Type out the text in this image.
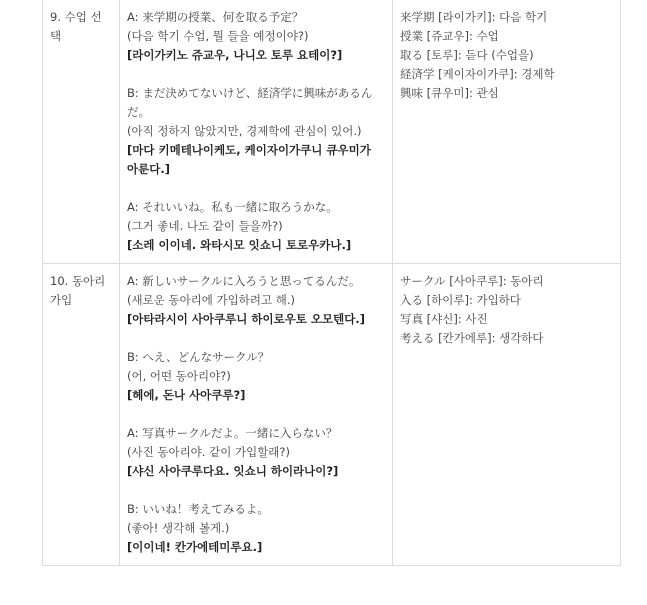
9. 수업 선택
A: 来学期の授業、何を取る予定？
(다음 학기 수업, 뭘 들을 예정이야?)
[라이가키노 쥬교우, 나니오 토루 요테이?]
B: まだ決めてないけど、経済学に興味があるんだ。
(아직 정하지 않았지만, 경제학에 관심이 있어.)
[마다 키메테나이케도, 케이자이가쿠니 큐우미가 아룬다.]
A: それいいね。私も一緒に取ろうかな。
(그거 좋네. 나도 같이 들을까?)
[소레 이이네. 와타시모 잇쇼니 토로우카나.]
来学期 [라이가키]: 다음 학기
授業 [쥬교우]: 수업
取る [토루]: 듣다 (수업을)
経済学 [케이자이가쿠]: 경제학
興味 [큐우미]: 관심
10. 동아리 가입
A: 新しいサークルに入ろうと思ってるんだ。
(새로운 동아리에 가입하려고 해.)
[아타라시이 사아쿠루니 하이로우토 오모텐다.]
B: へえ、どんなサークル？
(어, 어떤 동아리야?)
[헤에, 돈나 사아쿠루?]
A: 写真サークルだよ。一緒に入らない？
(사진 동아리야. 같이 가입할래?)
[샤신 사아쿠루다요. 잇쇼니 하이라나이?]
B: いいね！考えてみるよ。
(좋아! 생각해 볼게.)
[이이네! 칸가에테미루요.]
サークル [사아쿠루]: 동아리
入る [하이루]: 가입하다
写真 [샤신]: 사진
考える [칸가에루]: 생각하다
